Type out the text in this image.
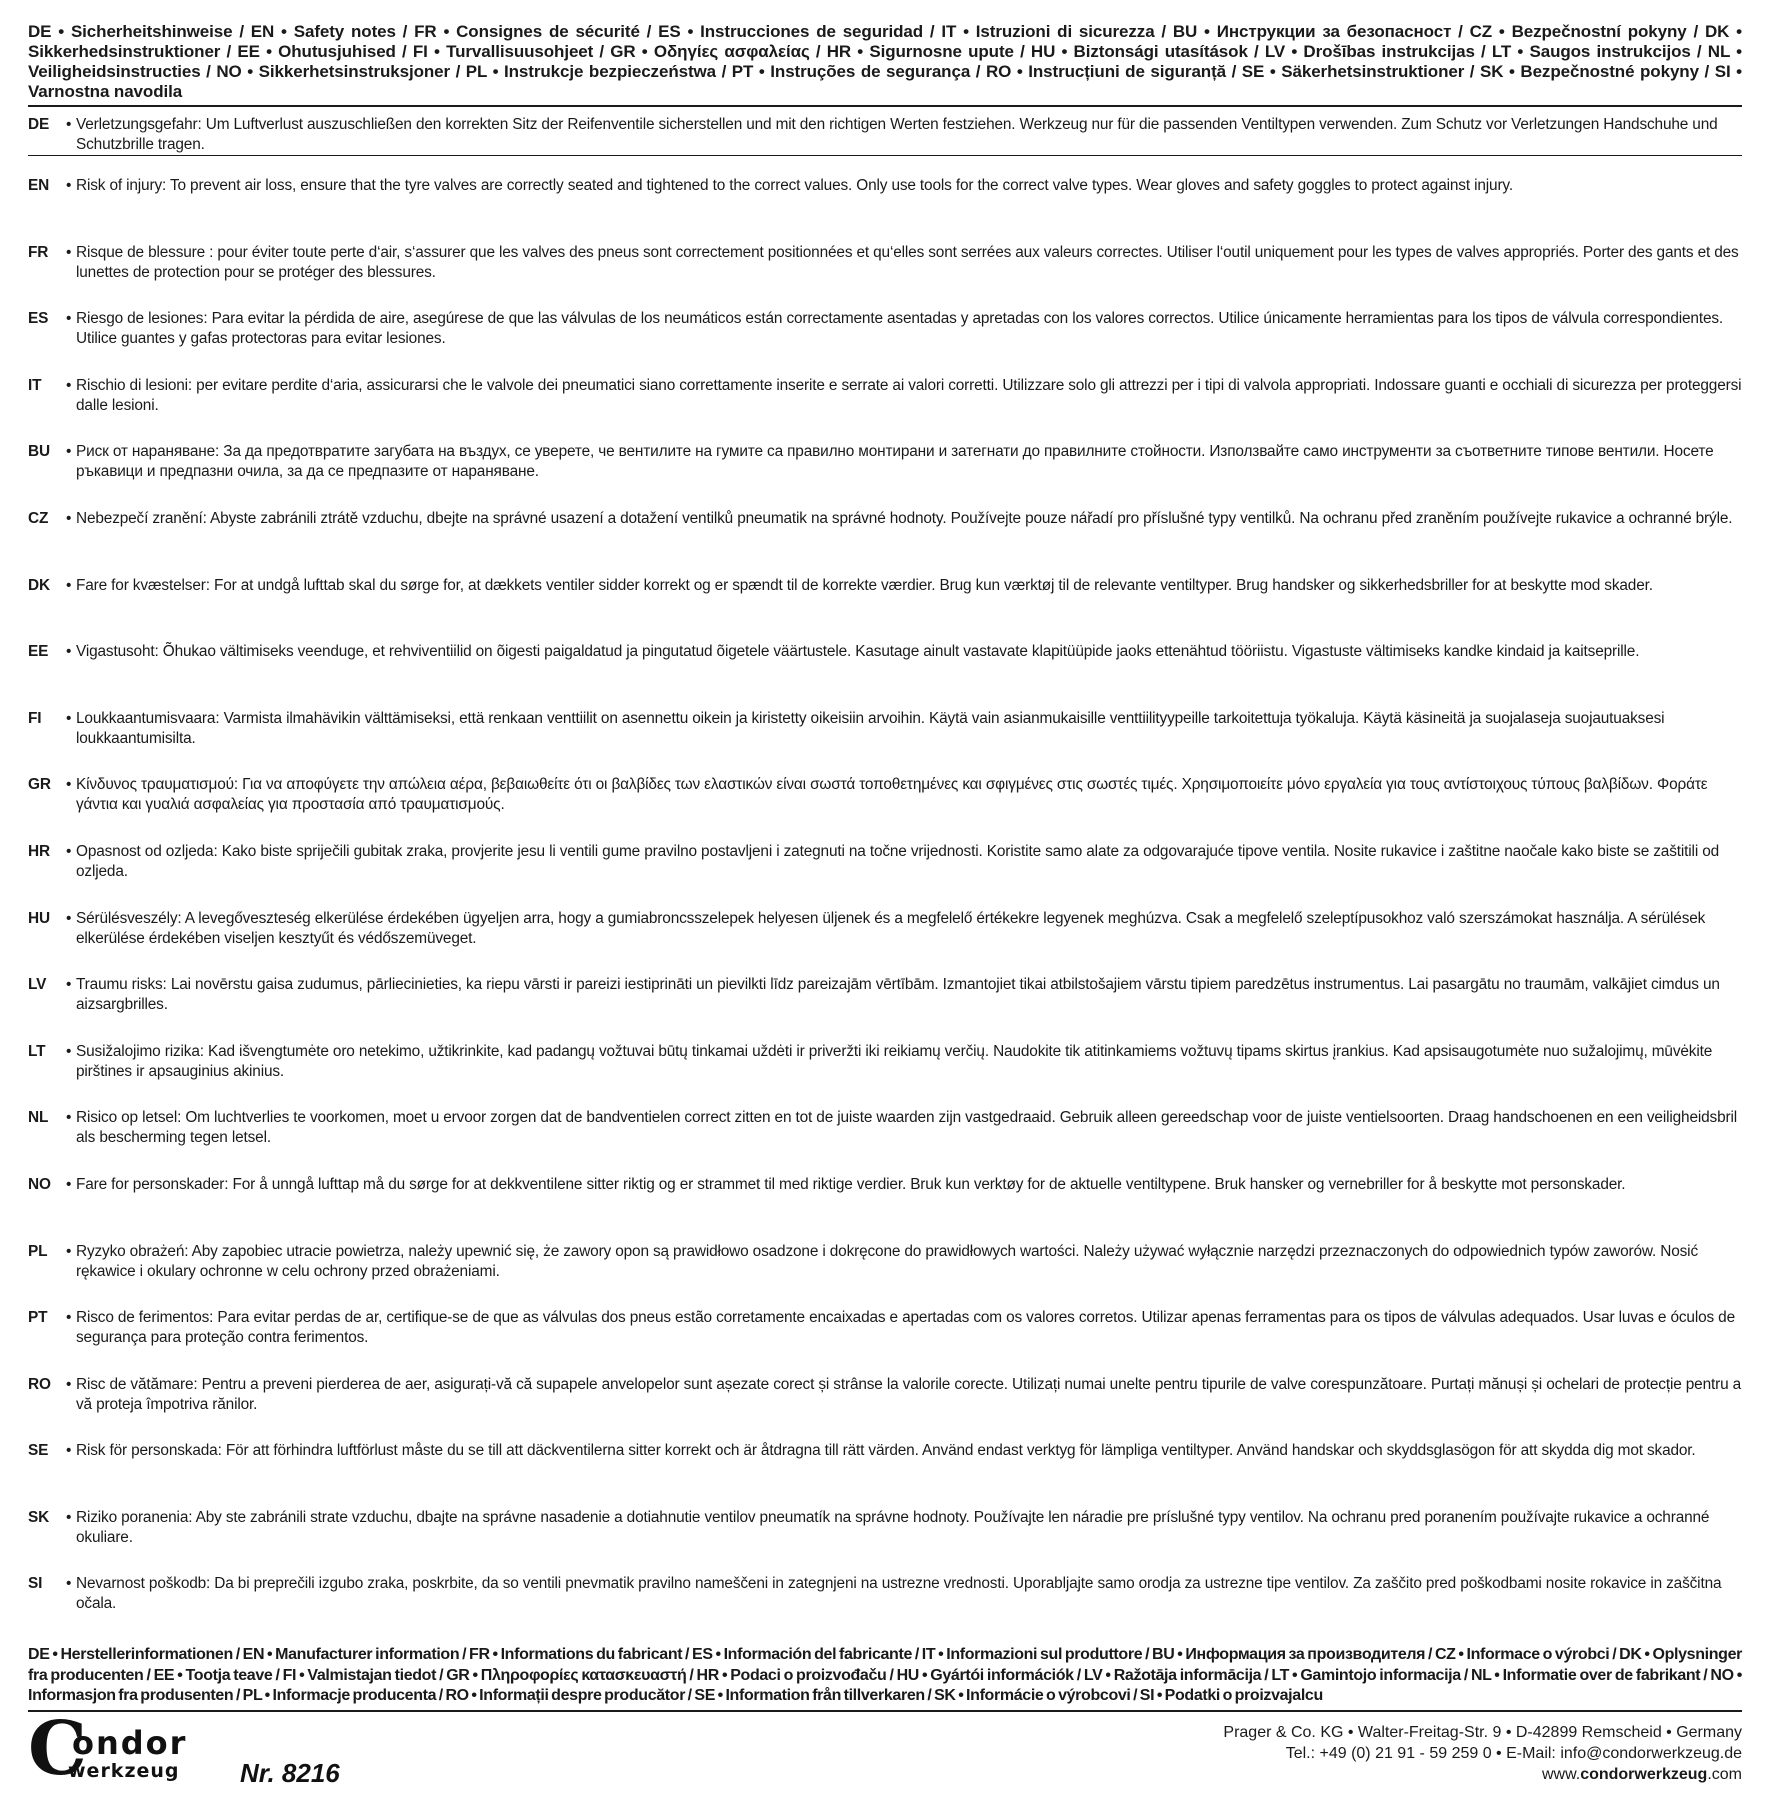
DE • Sicherheitshinweise / EN • Safety notes / FR • Consignes de sécurité / ES • Instrucciones de seguridad / IT • Istruzioni di sicurezza / BU • Инструкции за безопасност / CZ • Bezpečnostní pokyny / DK • Sikkerhedsinstruktioner / EE • Ohutusjuhised / FI • Turvallisuusohjeet / GR • Οδηγίες ασφαλείας / HR • Sigurnosne upute / HU • Biztonsági utasítások / LV • Drošības instrukcijas / LT • Saugos instrukcijos / NL • Veiligheidsinstructies / NO • Sikkerhetsinstruksjoner / PL • Instrukcje bezpieczeństwa / PT • Instruções de segurança / RO • Instrucțiuni de siguranță / SE • Säkerhetsinstruktioner / SK • Bezpečnostné pokyny / SI • Varnostna navodila
DE	• Verletzungsgefahr: Um Luftverlust auszuschließen den korrekten Sitz der Reifenventile sicherstellen und mit den richtigen Werten festziehen. Werkzeug nur für die passenden Ventiltypen verwenden. Zum Schutz vor Verletzungen Handschuhe und Schutzbrille tragen.
EN	• Risk of injury: To prevent air loss, ensure that the tyre valves are correctly seated and tightened to the correct values. Only use tools for the correct valve types. Wear gloves and safety goggles to protect against injury.
FR	• Risque de blessure : pour éviter toute perte d‘air, s‘assurer que les valves des pneus sont correctement positionnées et qu‘elles sont serrées aux valeurs correctes. Utiliser l‘outil uniquement pour les types de valves appropriés. Porter des gants et des lunettes de protection pour se protéger des blessures.
ES	• Riesgo de lesiones: Para evitar la pérdida de aire, asegúrese de que las válvulas de los neumáticos están correctamente asentadas y apretadas con los valores correctos. Utilice únicamente herramientas para los tipos de válvula correspondientes. Utilice guantes y gafas protectoras para evitar lesiones.
IT	• Rischio di lesioni: per evitare perdite d‘aria, assicurarsi che le valvole dei pneumatici siano correttamente inserite e serrate ai valori corretti. Utilizzare solo gli attrezzi per i tipi di valvola appropriati. Indossare guanti e occhiali di sicurezza per proteggersi dalle lesioni.
BU	• Риск от нараняване: За да предотвратите загубата на въздух, се уверете, че вентилите на гумите са правилно монтирани и затегнати до правилните стойности. Използвайте само инструменти за съответните типове вентили. Носете ръкавици и предпазни очила, за да се предпазите от нараняване.
CZ	• Nebezpečí zranění: Abyste zabránili ztrátě vzduchu, dbejte na správné usazení a dotažení ventilků pneumatik na správné hodnoty. Používejte pouze nářadí pro příslušné typy ventilků. Na ochranu před zraněním používejte rukavice a ochranné brýle.
DK	• Fare for kvæstelser: For at undgå lufttab skal du sørge for, at dækkets ventiler sidder korrekt og er spændt til de korrekte værdier. Brug kun værktøj til de relevante ventiltyper. Brug handsker og sikkerhedsbriller for at beskytte mod skader.
EE	• Vigastusoht: Õhukao vältimiseks veenduge, et rehviventiilid on õigesti paigaldatud ja pingutatud õigetele väärtustele. Kasutage ainult vastavate klapitüüpide jaoks ettenähtud tööriistu. Vigastuste vältimiseks kandke kindaid ja kaitseprille.
FI	• Loukkaantumisvaara: Varmista ilmahävikin välttämiseksi, että renkaan venttiilit on asennettu oikein ja kiristetty oikeisiin arvoihin. Käytä vain asianmukaisille venttiilityypeille tarkoitettuja työkaluja. Käytä käsineitä ja suojalaseja suojautuaksesi loukkaantumisilta.
GR • Κίνδυνος τραυματισμού: Για να αποφύγετε την απώλεια αέρα, βεβαιωθείτε ότι οι βαλβίδες των ελαστικών είναι σωστά τοποθετημένες και σφιγμένες στις σωστές τιμές. Χρησιμοποιείτε μόνο εργαλεία για τους αντίστοιχους τύπους βαλβίδων. Φοράτε γάντια και γυαλιά ασφαλείας για προστασία από τραυματισμούς.
HR	• Opasnost od ozljeda: Kako biste spriječili gubitak zraka, provjerite jesu li ventili gume pravilno postavljeni i zategnuti na točne vrijednosti. Koristite samo alate za odgovarajuće tipove ventila. Nosite rukavice i zaštitne naočale kako biste se zaštitili od ozljeda.
HU	• Sérülésveszély: A levegőveszteség elkerülése érdekében ügyeljen arra, hogy a gumiabroncsszelepek helyesen üljenek és a megfelelő értékekre legyenek meghúzva. Csak a megfelelő szeleptípusokhoz való szerszámokat használja. A sérülések elkerülése érdekében viseljen kesztyűt és védőszemüveget.
LV	• Traumu risks: Lai novērstu gaisa zudumus, pārliecinieties, ka riepu vārsti ir pareizi iestiprināti un pievilkti līdz pareizajām vērtībām. Izmantojiet tikai atbilstošajiem vārstu tipiem paredzētus instrumentus. Lai pasargātu no traumām, valkājiet cimdus un aizsargbrilles.
LT	• Susižalojimo rizika: Kad išvengtumėte oro netekimo, užtikrinkite, kad padangų vožtuvai būtų tinkamai uždėti ir priveržti iki reikiamų verčių. Naudokite tik atitinkamiems vožtuvų tipams skirtus įrankius. Kad apsisaugotumėte nuo sužalojimų, mūvėkite pirštines ir apsauginius akinius.
NL	• Risico op letsel: Om luchtverlies te voorkomen, moet u ervoor zorgen dat de bandventielen correct zitten en tot de juiste waarden zijn vastgedraaid. Gebruik alleen gereedschap voor de juiste ventielsoorten. Draag handschoenen en een veiligheidsbril als bescherming tegen letsel.
NO • Fare for personskader: For å unngå lufttap må du sørge for at dekkventilene sitter riktig og er strammet til med riktige verdier. Bruk kun verktøy for de aktuelle ventiltypene. Bruk hansker og vernebriller for å beskytte mot personskader.
PL	• Ryzyko obrażeń: Aby zapobiec utracie powietrza, należy upewnić się, że zawory opon są prawidłowo osadzone i dokręcone do prawidłowych wartości. Należy używać wyłącznie narzędzi przeznaczonych do odpowiednich typów zaworów. Nosić rękawice i okulary ochronne w celu ochrony przed obrażeniami.
PT	• Risco de ferimentos: Para evitar perdas de ar, certifique-se de que as válvulas dos pneus estão corretamente encaixadas e apertadas com os valores corretos. Utilizar apenas ferramentas para os tipos de válvulas adequados. Usar luvas e óculos de segurança para proteção contra ferimentos.
RO • Risc de vătămare: Pentru a preveni pierderea de aer, asigurați-vă că supapele anvelopelor sunt așezate corect și strânse la valorile corecte. Utilizați numai unelte pentru tipurile de valve corespunzătoare. Purtați mănuși și ochelari de protecție pentru a vă proteja împotriva rănilor.
SE	• Risk för personskada: För att förhindra luftförlust måste du se till att däckventilerna sitter korrekt och är åtdragna till rätt värden. Använd endast verktyg för lämpliga ventiltyper. Använd handskar och skyddsglasögon för att skydda dig mot skador.
SK	• Riziko poranenia: Aby ste zabránili strate vzduchu, dbajte na správne nasadenie a dotiahnutie ventilov pneumatík na správne hodnoty. Používajte len náradie pre príslušné typy ventilov. Na ochranu pred poranením používajte rukavice a ochranné okuliare.
SI	• Nevarnost poškodb: Da bi preprečili izgubo zraka, poskrbite, da so ventili pnevmatik pravilno nameščeni in zategnjeni na ustrezne vrednosti. Uporabljajte samo orodja za ustrezne tipe ventilov. Za zaščito pred poškodbami nosite rokavice in zaščitna očala.
DE • Herstellerinformationen / EN • Manufacturer information / FR • Informations du fabricant / ES • Información del fabricante / IT • Informazioni sul produttore / BU • Информация за производителя / CZ • Informace o výrobci / DK • Oplysninger fra producenten / EE • Tootja teave / FI • Valmistajan tiedot / GR • Πληροφορίες κατασκευαστή / HR • Podaci o proizvođaču / HU • Gyártói információk / LV • Ražotāja informācija / LT • Gamintojo informacija / NL • Informatie over de fabrikant / NO • Informasjon fra produsenten / PL • Informacje producenta / RO • Informații despre producător / SE • Information från tillverkaren / SK • Informácie o výrobcovi / SI • Podatki o proizvajalcu
C
ondor
werkzeug Nr. 8216
Prager & Co. KG • Walter-Freitag-Str. 9 • D-42899 Remscheid • Germany
Tel.: +49 (0) 21 91 - 59 259 0 • E-Mail: info@condorwerkzeug.de
www.condorwerkzeug.com
